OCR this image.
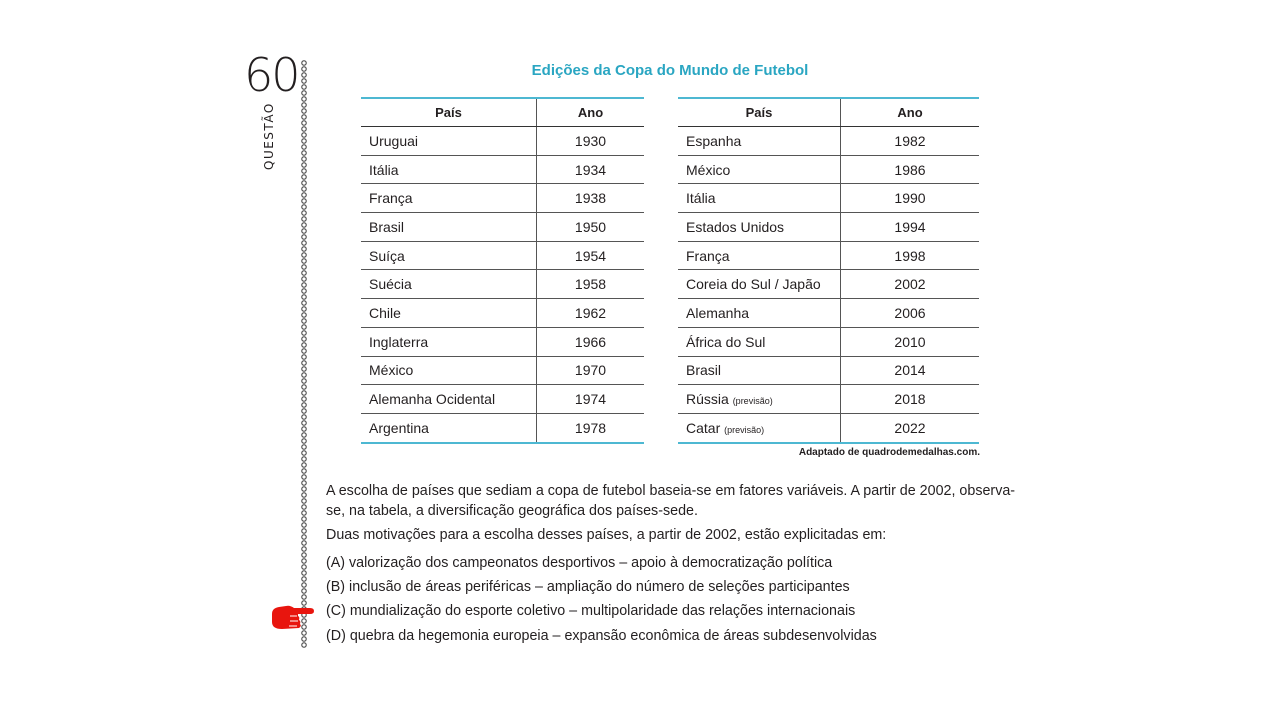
60
QUESTÃO
Edições da Copa do Mundo de Futebol
País	Ano
Uruguai	1930
Itália	1934
França	1938
Brasil	1950
Suíça	1954
Suécia	1958
Chile	1962
Inglaterra	1966
México	1970
Alemanha Ocidental	1974
Argentina	1978
País	Ano
Espanha	1982
México	1986
Itália	1990
Estados Unidos	1994
França	1998
Coreia do Sul / Japão	2002
Alemanha	2006
África do Sul	2010
Brasil	2014
Rússia (previsão)	2018
Catar (previsão)	2022
Adaptado de quadrodemedalhas.com.
A escolha de países que sediam a copa de futebol baseia-se em fatores variáveis. A partir de 2002, observa-se, na tabela, a diversificação geográfica dos países-sede.
Duas motivações para a escolha desses países, a partir de 2002, estão explicitadas em:
(A) valorização dos campeonatos desportivos – apoio à democratização política
(B) inclusão de áreas periféricas – ampliação do número de seleções participantes
(C) mundialização do esporte coletivo – multipolaridade das relações internacionais
(D) quebra da hegemonia europeia – expansão econômica de áreas subdesenvolvidas
